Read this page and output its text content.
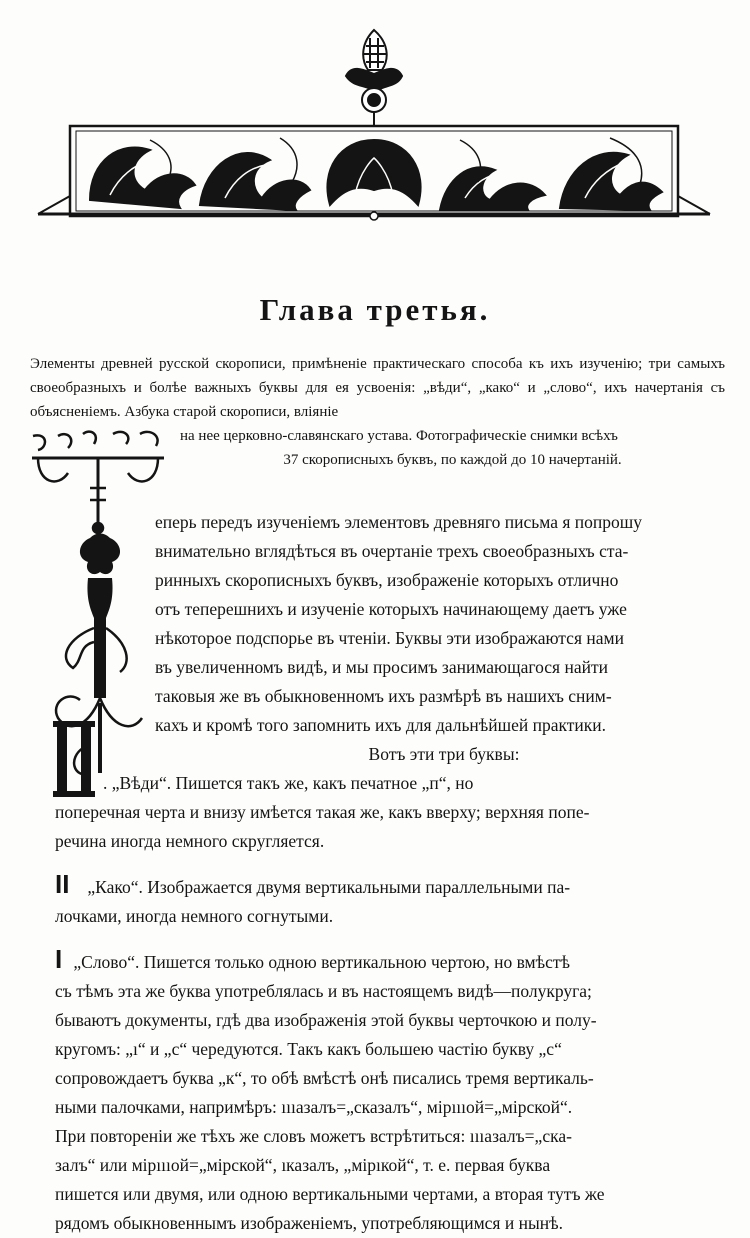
Глава третья.

Элементы древней русской скорописи, примѣненіе практическаго способа къ ихъ изученію; три самыхъ своеобразныхъ и болѣе важныхъ буквы для ея усвоенія: „вѣди“, „како“ и „слово“, ихъ начертанія съ объясненіемъ. Азбука старой скорописи, вліяніе

на нее церковно-славянскаго устава. Фотографическіе снимки всѣхъ

37 скорописныхъ буквъ, по каждой до 10 начертаній.

еперь передъ изученіемъ элементовъ древняго письма я попрошу
внимательно вглядѣться въ очертаніе трехъ своеобразныхъ ста-
ринныхъ скорописныхъ буквъ, изображеніе которыхъ отлично
отъ теперешнихъ и изученіе которыхъ начинающему даетъ уже
нѣкоторое подспорье въ чтеніи. Буквы эти изображаются нами
въ увеличенномъ видѣ, и мы просимъ занимающагося найти
таковыя же въ обыкновенномъ ихъ размѣрѣ въ нашихъ сним-
кахъ и кромѣ того запомнить ихъ для дальнѣйшей практики.
Вотъ эти три буквы:
. „Вѣди“. Пишется такъ же, какъ печатное „п“, но
поперечная черта и внизу имѣется такая же, какъ вверху; верхняя попе-
речина иногда немного скругляется.
II „Како“. Изображается двумя вертикальными параллельными па-
лочками, иногда немного согнутыми.
I „Слово“. Пишется только одною вертикальною чертою, но вмѣстѣ
съ тѣмъ эта же буква употреблялась и въ настоящемъ видѣ—полукруга;
бываютъ документы, гдѣ два изображенія этой буквы черточкою и полу-
кругомъ: „ı“ и „с“ чередуются. Такъ какъ большею частію букву „с“
сопровождаетъ буква „к“, то обѣ вмѣстѣ онѣ писались тремя вертикаль-
ными палочками, напримѣръ: ıııазалъ=„сказалъ“, мірıııой=„мірской“.
При повтореніи же тѣхъ же словъ можетъ встрѣтиться: ıııазалъ=„ска-
залъ“ или мірıııой=„мірской“, ıказалъ, „мірıкой“, т. е. первая буква
пишется или двумя, или одною вертикальными чертами, а вторая тутъ же
рядомъ обыкновеннымъ изображеніемъ, употребляющимся и нынѣ.
